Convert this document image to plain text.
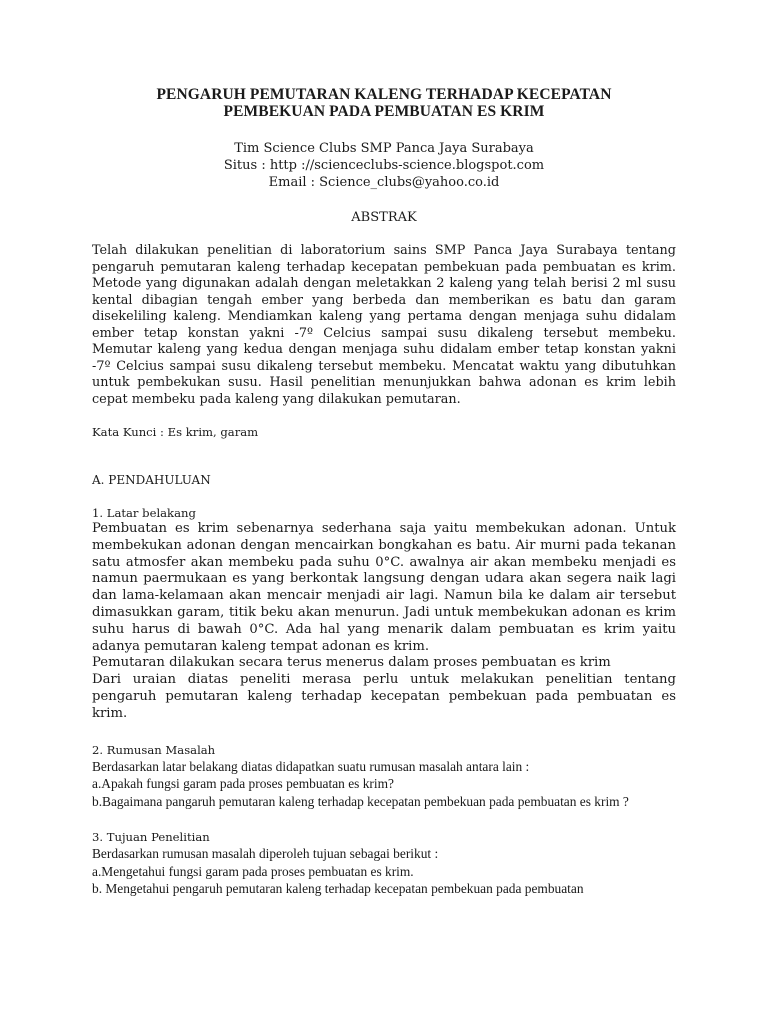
PENGARUH PEMUTARAN KALENG TERHADAP KECEPATAN
PEMBEKUAN PADA PEMBUATAN ES KRIM
Tim Science Clubs SMP Panca Jaya Surabaya
Situs : http ://scienceclubs-science.blogspot.com
Email : Science_clubs@yahoo.co.id
ABSTRAK

Telah dilakukan penelitian di laboratorium sains SMP Panca Jaya Surabaya tentang pengaruh pemutaran kaleng terhadap kecepatan pembekuan pada pembuatan es krim. Metode yang digunakan adalah dengan meletakkan 2 kaleng yang telah berisi 2 ml susu kental dibagian tengah ember yang berbeda dan memberikan es batu dan garam disekeliling kaleng. Mendiamkan kaleng yang pertama dengan menjaga suhu didalam ember tetap konstan yakni -7º Celcius sampai susu dikaleng tersebut membeku. Memutar kaleng yang kedua dengan menjaga suhu didalam ember tetap konstan yakni -7º Celcius sampai susu dikaleng tersebut membeku. Mencatat waktu yang dibutuhkan untuk pembekukan susu. Hasil penelitian menunjukkan bahwa adonan es krim lebih cepat membeku pada kaleng yang dilakukan pemutaran.

Kata Kunci : Es krim, garam
A. PENDAHULUAN
1. Latar belakang
Pembuatan es krim sebenarnya sederhana saja yaitu membekukan adonan. Untuk membekukan adonan dengan mencairkan bongkahan es batu. Air murni pada tekanan satu atmosfer akan membeku pada suhu 0°C. awalnya air akan membeku menjadi es namun paermukaan es yang berkontak langsung dengan udara akan segera naik lagi dan lama-kelamaan akan mencair menjadi air lagi. Namun bila ke dalam air tersebut dimasukkan garam, titik beku akan menurun. Jadi untuk membekukan adonan es krim suhu harus di bawah 0°C. Ada hal yang menarik dalam pembuatan es krim yaitu adanya pemutaran kaleng tempat adonan es krim.
Pemutaran dilakukan secara terus menerus dalam proses pembuatan es krim
Dari uraian diatas peneliti merasa perlu untuk melakukan penelitian tentang pengaruh pemutaran kaleng terhadap kecepatan pembekuan pada pembuatan es krim.
2. Rumusan Masalah
Berdasarkan latar belakang diatas didapatkan suatu rumusan masalah antara lain :
a.Apakah fungsi garam pada proses pembuatan es krim?
b.Bagaimana pangaruh pemutaran kaleng terhadap kecepatan pembekuan pada pembuatan es krim ?
3. Tujuan Penelitian
Berdasarkan rumusan masalah diperoleh tujuan sebagai berikut :
a.Mengetahui fungsi garam pada proses pembuatan es krim.
b. Mengetahui pengaruh pemutaran kaleng terhadap kecepatan pembekuan pada pembuatan
